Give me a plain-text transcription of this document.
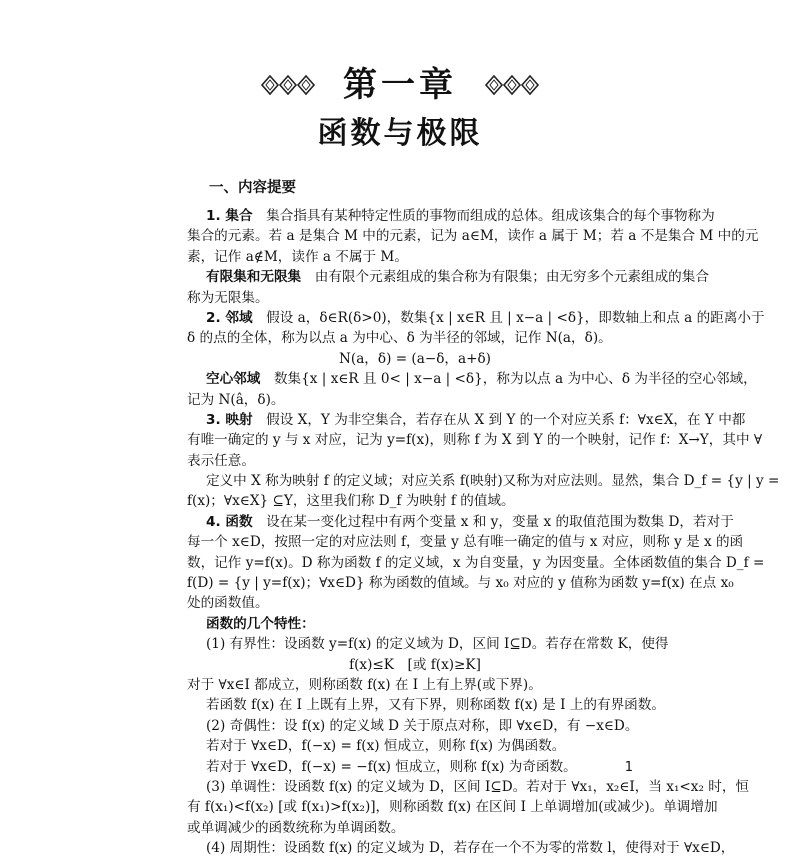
第一章
函数与极限
一、内容提要
1. 集合　集合指具有某种特定性质的事物而组成的总体。组成该集合的每个事物称为
集合的元素。若 a 是集合 M 中的元素，记为 a∈M，读作 a 属于 M；若 a 不是集合 M 中的元
素，记作 a∉M，读作 a 不属于 M。
有限集和无限集　由有限个元素组成的集合称为有限集；由无穷多个元素组成的集合
称为无限集。
2. 邻域　假设 a，δ∈R(δ>0)，数集{x | x∈R 且 | x−a | <δ}，即数轴上和点 a 的距离小于
δ 的点的全体，称为以点 a 为中心、δ 为半径的邻域，记作 N(a，δ)。
N(a，δ) = (a−δ，a+δ)
空心邻域　数集{x | x∈R 且 0< | x−a | <δ}，称为以点 a 为中心、δ 为半径的空心邻域，
记为 N(â，δ)。
3. 映射　假设 X，Y 为非空集合，若存在从 X 到 Y 的一个对应关系 f：∀x∈X，在 Y 中都
有唯一确定的 y 与 x 对应，记为 y=f(x)，则称 f 为 X 到 Y 的一个映射，记作 f：X→Y，其中 ∀
表示任意。
定义中 X 称为映射 f 的定义域；对应关系 f(映射)又称为对应法则。显然，集合 D_f = {y | y =
f(x)；∀x∈X} ⊆Y，这里我们称 D_f 为映射 f 的值域。
4. 函数　设在某一变化过程中有两个变量 x 和 y，变量 x 的取值范围为数集 D，若对于
每一个 x∈D，按照一定的对应法则 f，变量 y 总有唯一确定的值与 x 对应，则称 y 是 x 的函
数，记作 y=f(x)。D 称为函数 f 的定义域，x 为自变量，y 为因变量。全体函数值的集合 D_f =
f(D) = {y | y=f(x)；∀x∈D} 称为函数的值域。与 x₀ 对应的 y 值称为函数 y=f(x) 在点 x₀
处的函数值。
函数的几个特性：
(1) 有界性：设函数 y=f(x) 的定义域为 D，区间 I⊆D。若存在常数 K，使得
f(x)≤K　[或 f(x)≥K]
对于 ∀x∈I 都成立，则称函数 f(x) 在 I 上有上界(或下界)。
若函数 f(x) 在 I 上既有上界，又有下界，则称函数 f(x) 是 I 上的有界函数。
(2) 奇偶性：设 f(x) 的定义域 D 关于原点对称，即 ∀x∈D，有 −x∈D。
若对于 ∀x∈D，f(−x) = f(x) 恒成立，则称 f(x) 为偶函数。
若对于 ∀x∈D，f(−x) = −f(x) 恒成立，则称 f(x) 为奇函数。
(3) 单调性：设函数 f(x) 的定义域为 D，区间 I⊆D。若对于 ∀x₁，x₂∈I，当 x₁<x₂ 时，恒
有 f(x₁)<f(x₂) [或 f(x₁)>f(x₂)]，则称函数 f(x) 在区间 I 上单调增加(或减少)。单调增加
或单调减少的函数统称为单调函数。
(4) 周期性：设函数 f(x) 的定义域为 D，若存在一个不为零的常数 l，使得对于 ∀x∈D，
1
